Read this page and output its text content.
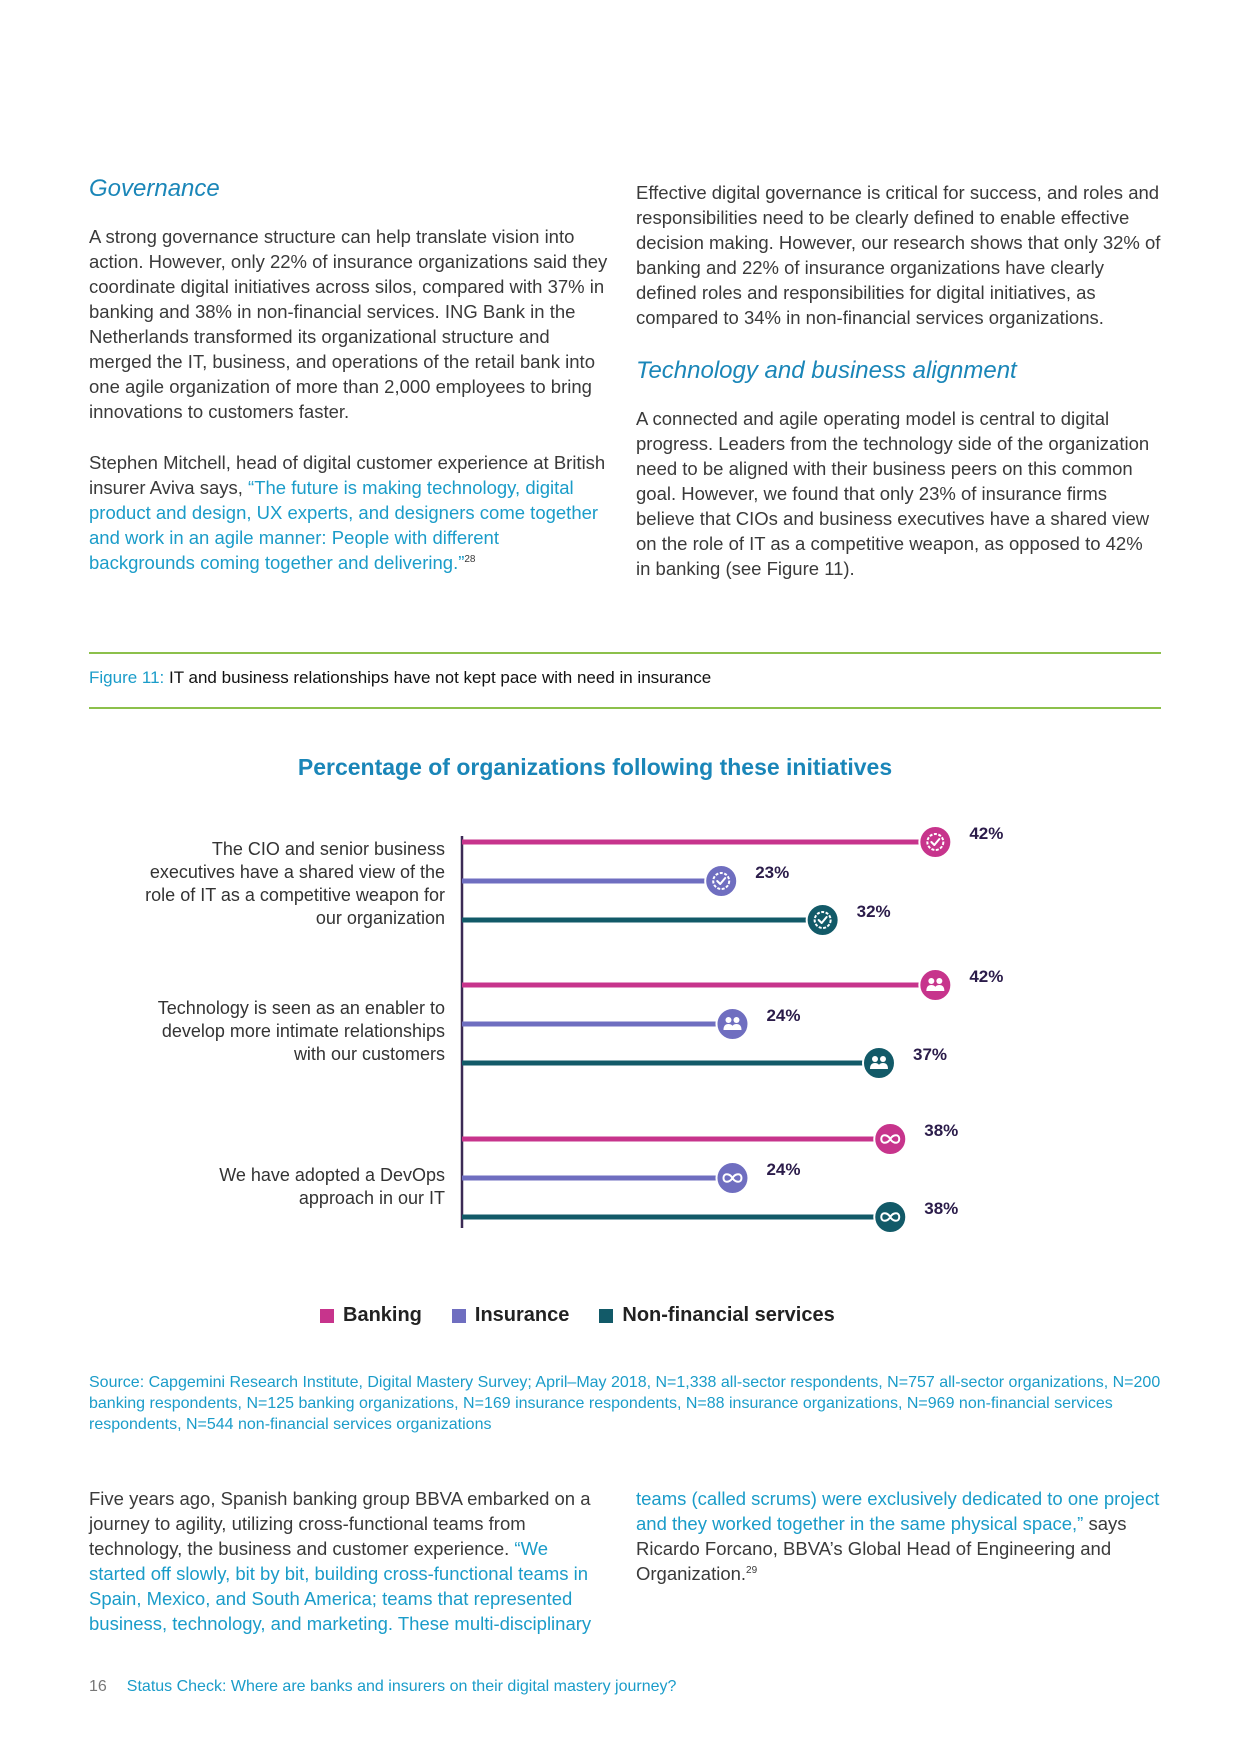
Governance

A strong governance structure can help translate vision into action. However, only 22% of insurance organizations said they coordinate digital initiatives across silos, compared with 37% in banking and 38% in non-financial services. ING Bank in the Netherlands transformed its organizational structure and merged the IT, business, and operations of the retail bank into one agile organization of more than 2,000 employees to bring innovations to customers faster.

Stephen Mitchell, head of digital customer experience at British insurer Aviva says, “The future is making technology, digital product and design, UX experts, and designers come together and work in an agile manner: People with different backgrounds coming together and delivering.”$^{28}$

Effective digital governance is critical for success, and roles and responsibilities need to be clearly defined to enable effective decision making. However, our research shows that only 32% of banking and 22% of insurance organizations have clearly defined roles and responsibilities for digital initiatives, as compared to 34% in non-financial services organizations.

Technology and business alignment

A connected and agile operating model is central to digital progress. Leaders from the technology side of the organization need to be aligned with their business peers on this common goal. However, we found that only 23% of insurance firms believe that CIOs and business executives have a shared view on the role of IT as a competitive weapon, as opposed to 42% in banking (see Figure 11).

Figure 11: IT and business relationships have not kept pace with need in insurance
Percentage of organizations following these initiatives
The CIO and senior business executives have a shared view of the role of IT as a competitive weapon for our organization
Technology is seen as an enabler to develop more intimate relationships with our customers
We have adopted a DevOps approach in our IT
42%
23%
32%
42%
24%
37%
38%
24%
38%
Banking	Insurance	Non-financial services
Source: Capgemini Research Institute, Digital Mastery Survey; April–May 2018, N=1,338 all-sector respondents, N=757 all-sector organizations, N=200 banking respondents, N=125 banking organizations, N=169 insurance respondents, N=88 insurance organizations, N=969 non-financial services respondents, N=544 non-financial services organizations
Five years ago, Spanish banking group BBVA embarked on a journey to agility, utilizing cross-functional teams from technology, the business and customer experience. “We started off slowly, bit by bit, building cross-functional teams in Spain, Mexico, and South America; teams that represented business, technology, and marketing. These multi-disciplinary
teams (called scrums) were exclusively dedicated to one project and they worked together in the same physical space,” says Ricardo Forcano, BBVA’s Global Head of Engineering and Organization.$^{29}$
16 Status Check: Where are banks and insurers on their digital mastery journey?
